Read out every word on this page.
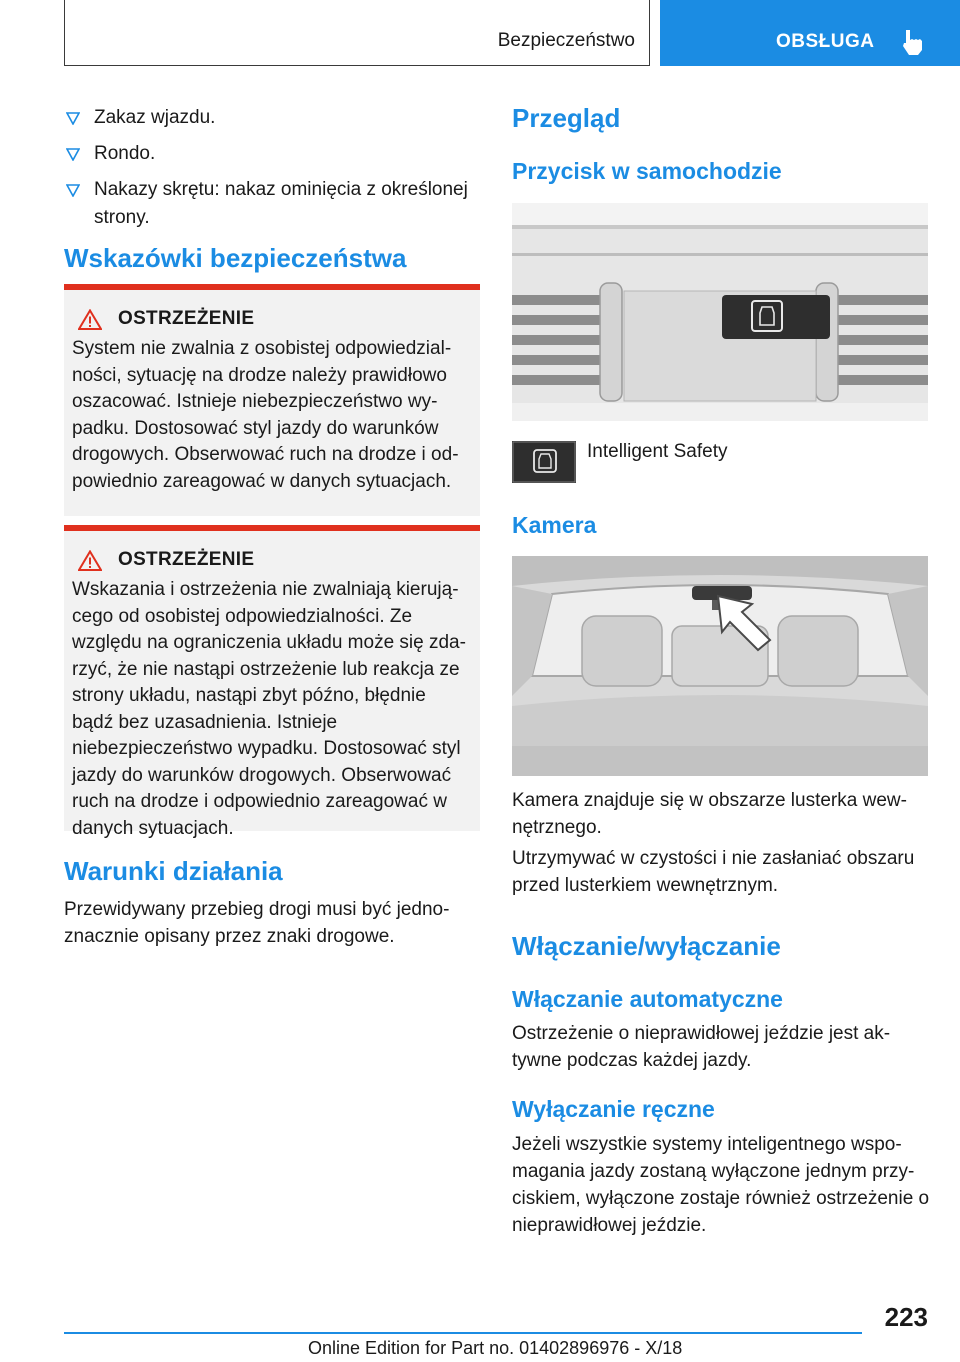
Bezpieczeństwo	OBSŁUGA
Zakaz wjazdu.
Rondo.
Nakazy skrętu: nakaz ominięcia z określonej strony.
Wskazówki bezpieczeństwa
OSTRZEŻENIE
System nie zwalnia z osobistej odpowiedzialności, sytuację na drodze należy prawidłowo oszacować. Istnieje niebezpieczeństwo wypadku. Dostosować styl jazdy do warunków drogowych. Obserwować ruch na drodze i odpowiednio zareagować w danych sytuacjach.
OSTRZEŻENIE
Wskazania i ostrzeżenia nie zwalniają kierującego od osobistej odpowiedzialności. Ze względu na ograniczenia układu może się zdarzyć, że nie nastąpi ostrzeżenie lub reakcja ze strony układu, nastąpi zbyt późno, błędnie bądź bez uzasadnienia. Istnieje niebezpieczeństwo wypadku. Dostosować styl jazdy do warunków drogowych. Obserwować ruch na drodze i odpowiednio zareagować w danych sytuacjach.
Warunki działania
Przewidywany przebieg drogi musi być jednoznacznie opisany przez znaki drogowe.
Przegląd
Przycisk w samochodzie
Intelligent Safety
Kamera
Kamera znajduje się w obszarze lusterka wewnętrznego.
Utrzymywać w czystości i nie zasłaniać obszaru przed lusterkiem wewnętrznym.
Włączanie/wyłączanie
Włączanie automatyczne
Ostrzeżenie o nieprawidłowej jeździe jest aktywne podczas każdej jazdy.
Wyłączanie ręczne
Jeżeli wszystkie systemy inteligentnego wspomagania jazdy zostaną wyłączone jednym przyciskiem, wyłączone zostaje również ostrzeżenie o nieprawidłowej jeździe.
223
Online Edition for Part no. 01402896976 - X/18
